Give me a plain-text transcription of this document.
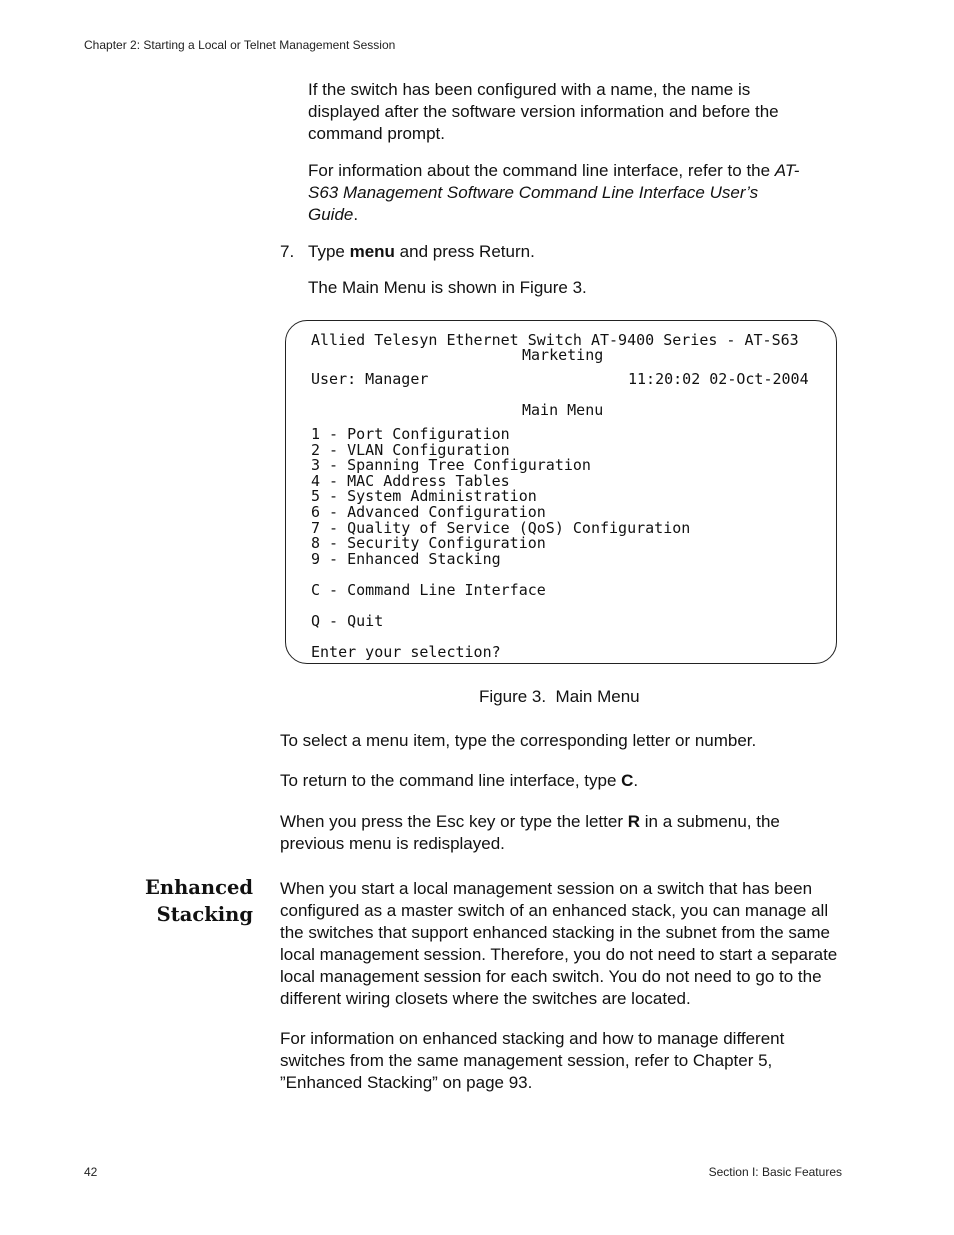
Chapter 2: Starting a Local or Telnet Management Session

If the switch has been configured with a name, the name is displayed after the software version information and before the command prompt.

For information about the command line interface, refer to the AT-S63 Management Software Command Line Interface User’s Guide.

7. Type menu and press Return.
The Main Menu is shown in Figure 3.
Allied Telesyn Ethernet Switch AT-9400 Series - AT-S63
Marketing
User: Manager	11:20:02 02-Oct-2004
Main Menu
1 - Port Configuration
2 - VLAN Configuration
3 - Spanning Tree Configuration
4 - MAC Address Tables
5 - System Administration
6 - Advanced Configuration
7 - Quality of Service (QoS) Configuration
8 - Security Configuration
9 - Enhanced Stacking
C - Command Line Interface
Q - Quit
Enter your selection?
Figure 3.  Main Menu
To select a menu item, type the corresponding letter or number.
To return to the command line interface, type C.
When you press the Esc key or type the letter R in a submenu, the previous menu is redisplayed.
Enhanced
Stacking
When you start a local management session on a switch that has been configured as a master switch of an enhanced stack, you can manage all the switches that support enhanced stacking in the subnet from the same local management session. Therefore, you do not need to start a separate local management session for each switch. You do not need to go to the different wiring closets where the switches are located.
For information on enhanced stacking and how to manage different switches from the same management session, refer to Chapter 5, ”Enhanced Stacking” on page 93.
42	Section I: Basic Features
